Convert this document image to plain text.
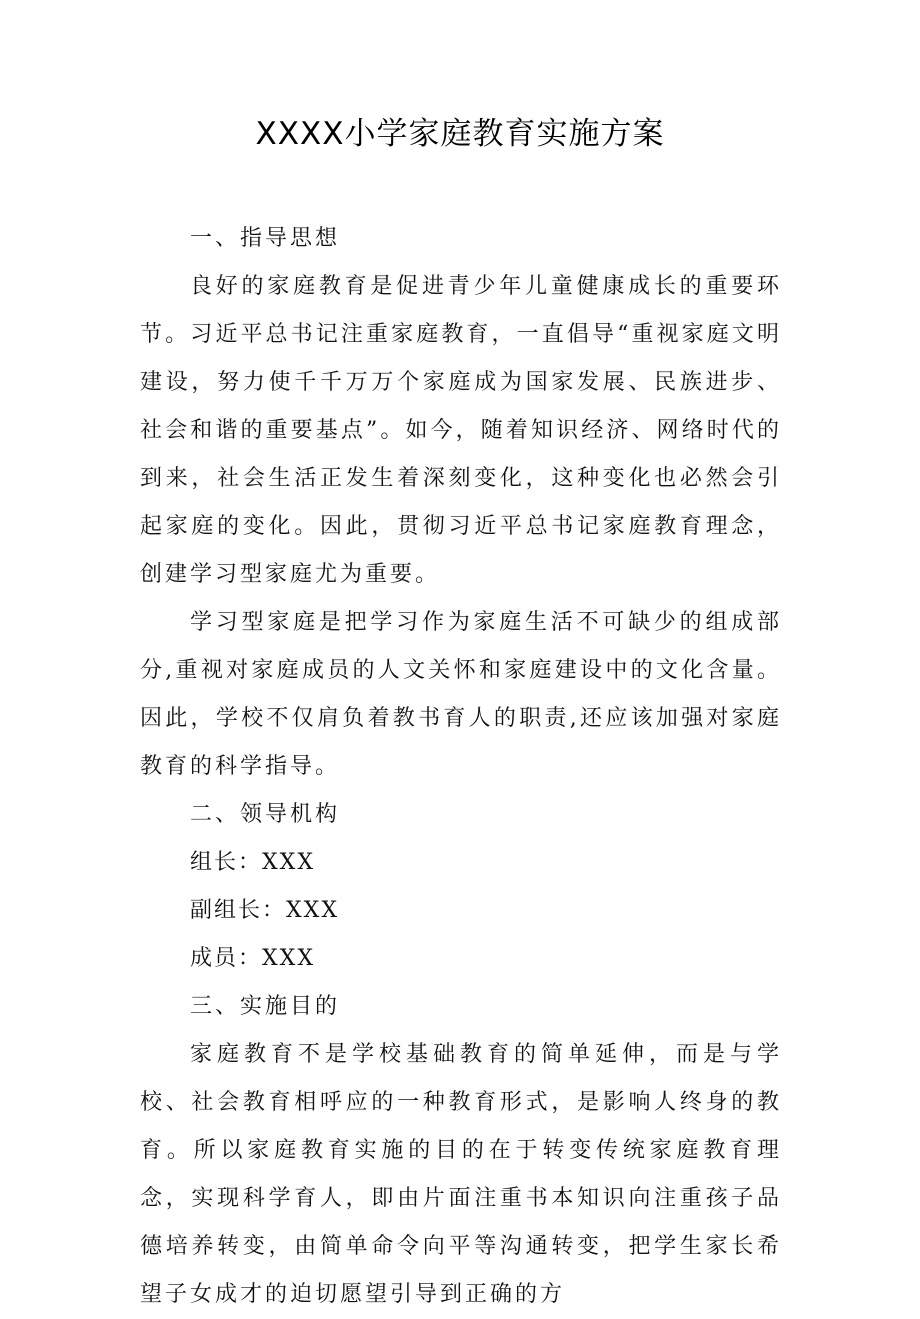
XXXX小学家庭教育实施方案

一、指导思想

良好的家庭教育是促进青少年儿童健康成长的重要环节。习近平总书记注重家庭教育，一直倡导“重视家庭文明建设，努力使千千万万个家庭成为国家发展、民族进步、社会和谐的重要基点”。如今，随着知识经济、网络时代的到来，社会生活正发生着深刻变化，这种变化也必然会引起家庭的变化。因此，贯彻习近平总书记家庭教育理念，创建学习型家庭尤为重要。

学习型家庭是把学习作为家庭生活不可缺少的组成部分,重视对家庭成员的人文关怀和家庭建设中的文化含量。因此，学校不仅肩负着教书育人的职责,还应该加强对家庭教育的科学指导。

二、领导机构

组长：XXX

副组长：XXX

成员：XXX

三、实施目的

家庭教育不是学校基础教育的简单延伸，而是与学校、社会教育相呼应的一种教育形式，是影响人终身的教育。所以家庭教育实施的目的在于转变传统家庭教育理念，实现科学育人，即由片面注重书本知识向注重孩子品德培养转变，由简单命令向平等沟通转变，把学生家长希望子女成才的迫切愿望引导到正确的方
